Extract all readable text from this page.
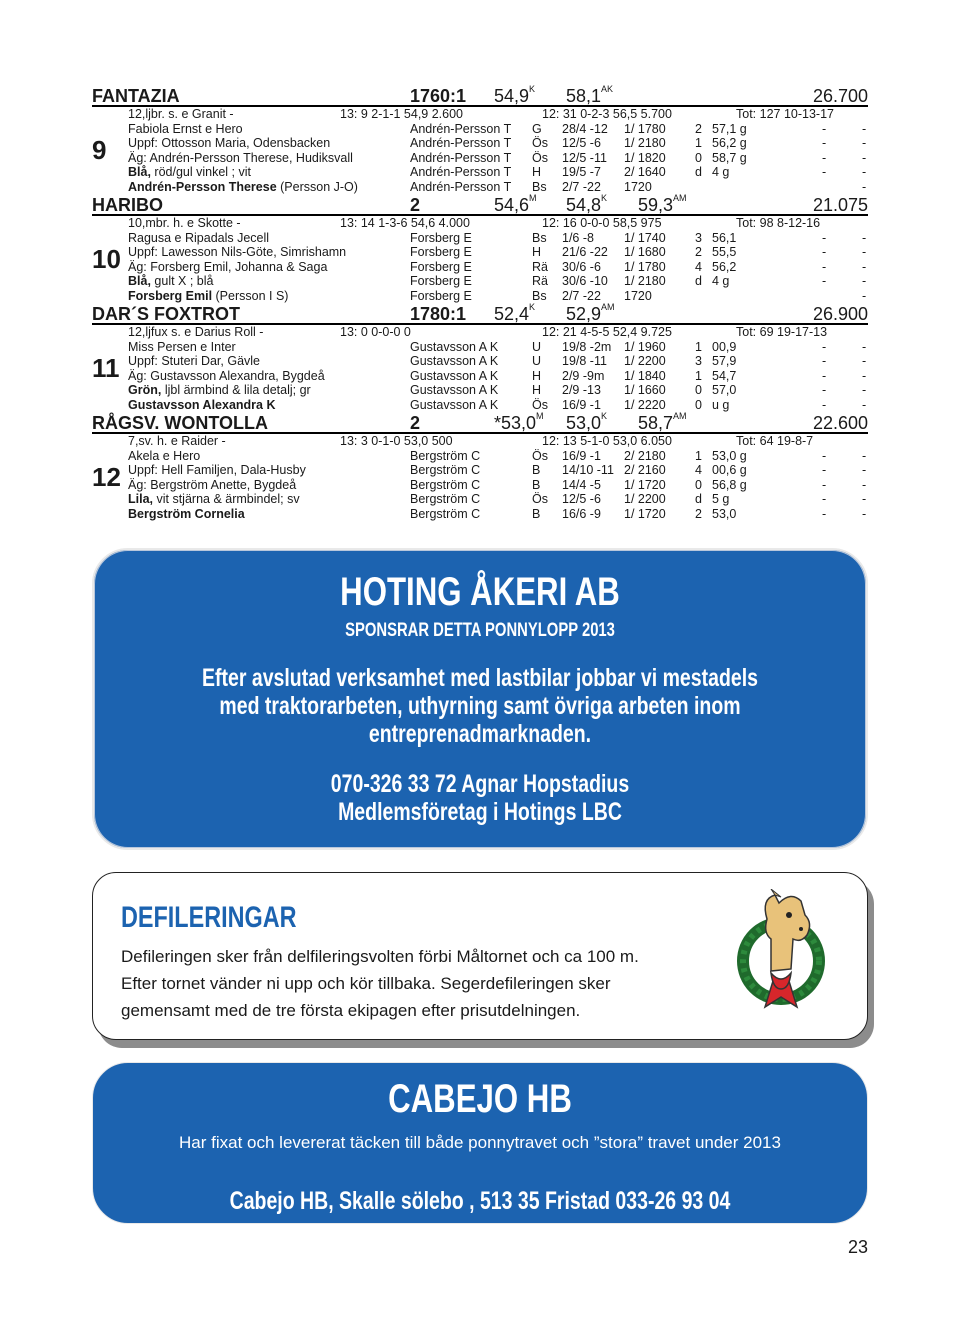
FANTAZIA	1760:1 $54,9^K$ $58,1^{AK}$	26.700
12,ljbr. s. e Granit -	13: 9 2-1-1 54,9 2.600	12: 31 0-2-3 56,5 5.700	Tot: 127 10-13-17
9
Fabiola Ernst e Hero	Andrén-Persson T G 28/4 -12 1/ 1780 2 57,1 g	-	-
Uppf: Ottosson Maria, Odensbacken	Andrén-Persson T Ös 12/5 -6 1/ 2180 1 56,2 g	-	-
Äg: Andrén-Persson Therese, Hudiksvall	Andrén-Persson T Ös 12/5 -11 1/ 1820 0 58,7 g	-	-
Blå, röd/gul vinkel ; vit	Andrén-Persson T H 19/5 -7 2/ 1640 d 4 g	-	-
Andrén-Persson Therese (Persson J-O)	Andrén-Persson T Bs 2/7 -22 1720	-
HARIBO	2	$54,6^M$ $54,8^K$ $59,3^{AM}$	21.075
10,mbr. h. e Skotte -	13: 14 1-3-6 54,6 4.000	12: 16 0-0-0 58,5 975	Tot: 98 8-12-16
10
Ragusa e Ripadals Jecell	Forsberg E	Bs 1/6 -8 1/ 1740 3 56,1	-	-
Uppf: Lawesson Nils-Göte, Simrishamn	Forsberg E	H 21/6 -22 1/ 1680 2 55,5	-	-
Äg: Forsberg Emil, Johanna & Saga	Forsberg E	Rä 30/6 -6 1/ 1780 4 56,2	-	-
Blå, gult X ; blå	Forsberg E	Rä 30/6 -10 1/ 2180 d 4 g	-	-
Forsberg Emil (Persson I S)	Forsberg E	Bs 2/7 -22 1720	-
DAR´S FOXTROT	1780:1 $52,4^K$ $52,9^{AM}$	26.900
12,ljfux s. e Darius Roll -	13: 0 0-0-0 0	12: 21 4-5-5 52,4 9.725	Tot: 69 19-17-13
11
Miss Persen e Inter	Gustavsson A K	U 19/8 -2m 1/ 1960 1 00,9	-	-
Uppf: Stuteri Dar, Gävle	Gustavsson A K	U 19/8 -11 1/ 2200 3 57,9	-	-
Äg: Gustavsson Alexandra, Bygdeå	Gustavsson A K	H 2/9 -9m 1/ 1840 1 54,7	-	-
Grön, ljbl ärmbind & lila detalj; gr	Gustavsson A K	H 2/9 -13 1/ 1660 0 57,0	-	-
Gustavsson Alexandra K	Gustavsson A K	Ös 16/9 -1 1/ 2220 0 u g	-	-
RÅGSV. WONTOLLA	2	$*53,0^M$ $53,0^K$ $58,7^{AM}$	22.600
7,sv. h. e Raider -	13: 3 0-1-0 53,0 500	12: 13 5-1-0 53,0 6.050	Tot: 64 19-8-7
12
Akela e Hero	Bergström C	Ös 16/9 -1 2/ 2180 1 53,0 g	-	-
Uppf: Hell Familjen, Dala-Husby	Bergström C	B 14/10 -11 2/ 2160 4 00,6 g	-	-
Äg: Bergström Anette, Bygdeå	Bergström C	B 14/4 -5 1/ 1720 0 56,8 g	-	-
Lila, vit stjärna & ärmbindel; sv	Bergström C	Ös 12/5 -6 1/ 2200 d 5 g	-	-
Bergström Cornelia	Bergström C	B 16/6 -9 1/ 1720 2 53,0	-	-
HOTING ÅKERI AB
SPONSRAR DETTA PONNYLOPP 2013
Efter avslutad verksamhet med lastbilar jobbar vi mestadels
med traktorarbeten, uthyrning samt övriga arbeten inom
entreprenadmarknaden.
070-326 33 72 Agnar Hopstadius
Medlemsföretag i Hotings LBC
DEFILERINGAR
Defileringen sker från delfileringsvolten förbi Måltornet och ca 100 m.
Efter tornet vänder ni upp och kör tillbaka. Segerdefileringen sker
gemensamt med de tre första ekipagen efter prisutdelningen.
CABEJO HB
Har fixat och levererat täcken till både ponnytravet och ”stora” travet under 2013
Cabejo HB, Skalle sölebo , 513 35 Fristad 033-26 93 04
23
